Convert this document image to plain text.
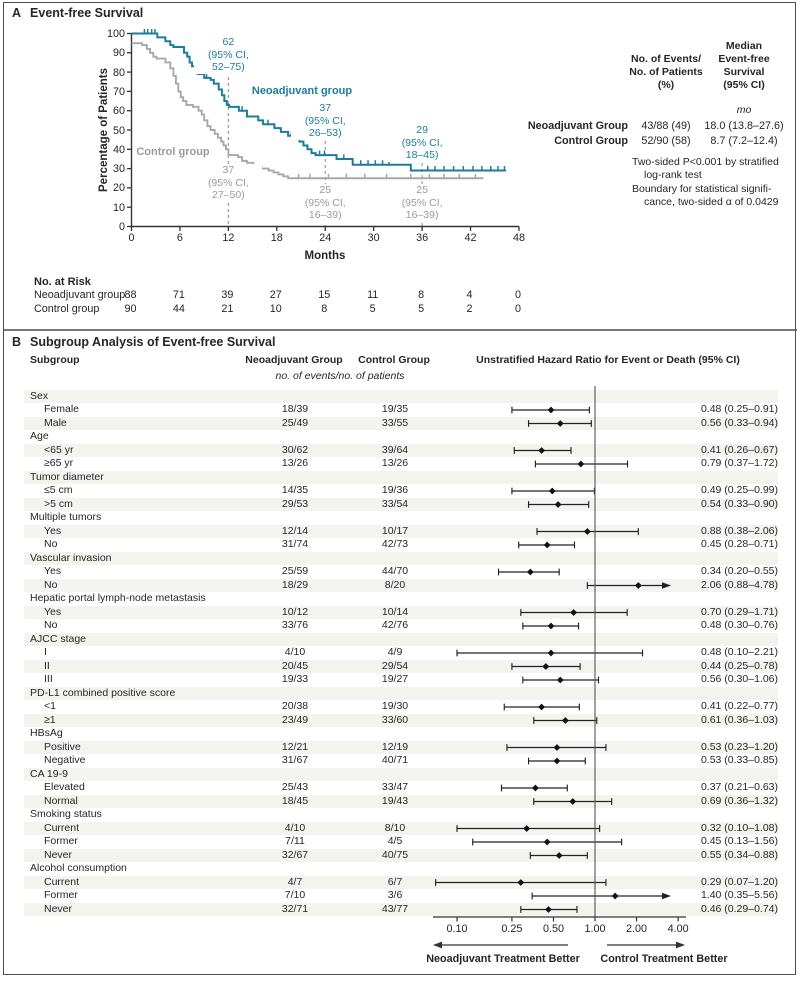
A Event-free Survival
Percentage of Patients
Months
Neoadjuvant group
Control group
0
10
20
30
40
50
60
70
80
90
100
0	6	12	18	24	30	36	42	48
62
(95% CI,
52–75)
37
(95% CI,
27–50)
37
(95% CI,
26–53)
25
(95% CI,
16–39)
29
(95% CI,
18–45)
25
(95% CI,
16–39)
No. of Events/
No. of Patients
(%)
Median
Event-free
Survival
(95% CI)
mo
Neoadjuvant Group	43/88 (49)	18.0 (13.8–27.6)
Control Group	52/90 (58)	8.7 (7.2–12.4)
Two-sided P<0.001 by stratified
log-rank test
Boundary for statistical signifi-
cance, two-sided α of 0.0429
No. at Risk
Neoadjuvant group 88	71	39	27	15	11	8	4	0
Control group	90	44	21	10	8	5	5	2	0
B Subgroup Analysis of Event-free Survival
Subgroup	Neoadjuvant Group	Control Group	Unstratified Hazard Ratio for Event or Death (95% CI)
no. of events/no. of patients
Sex
Female	18/39	19/35	0.48 (0.25–0.91)
Male	25/49	33/55	0.56 (0.33–0.94)
Age
<65 yr	30/62	39/64	0.41 (0.26–0.67)
≥65 yr	13/26	13/26	0.79 (0.37–1.72)
Tumor diameter
≤5 cm	14/35	19/36	0.49 (0.25–0.99)
>5 cm	29/53	33/54	0.54 (0.33–0.90)
Multiple tumors
Yes	12/14	10/17	0.88 (0.38–2.06)
No	31/74	42/73	0.45 (0.28–0.71)
Vascular invasion
Yes	25/59	44/70	0.34 (0.20–0.55)
No	18/29	8/20	2.06 (0.88–4.78)
Hepatic portal lymph-node metastasis
Yes	10/12	10/14	0.70 (0.29–1.71)
No	33/76	42/76	0.48 (0.30–0.76)
AJCC stage
I	4/10	4/9	0.48 (0.10–2.21)
II	20/45	29/54	0.44 (0.25–0.78)
III	19/33	19/27	0.56 (0.30–1.06)
PD-L1 combined positive score
<1	20/38	19/30	0.41 (0.22–0.77)
≥1	23/49	33/60	0.61 (0.36–1.03)
HBsAg
Positive	12/21	12/19	0.53 (0.23–1.20)
Negative	31/67	40/71	0.53 (0.33–0.85)
CA 19-9
Elevated	25/43	33/47	0.37 (0.21–0.63)
Normal	18/45	19/43	0.69 (0.36–1.32)
Smoking status
Current	4/10	8/10	0.32 (0.10–1.08)
Former	7/11	4/5	0.45 (0.13–1.56)
Never	32/67	40/75	0.55 (0.34–0.88)
Alcohol consumption
Current	4/7	6/7	0.29 (0.07–1.20)
Former	7/10	3/6	1.40 (0.35–5.56)
Never	32/71	43/77	0.46 (0.29–0.74)
0.10	0.25	0.50	1.00	2.00	4.00
Neoadjuvant Treatment Better	Control Treatment Better
